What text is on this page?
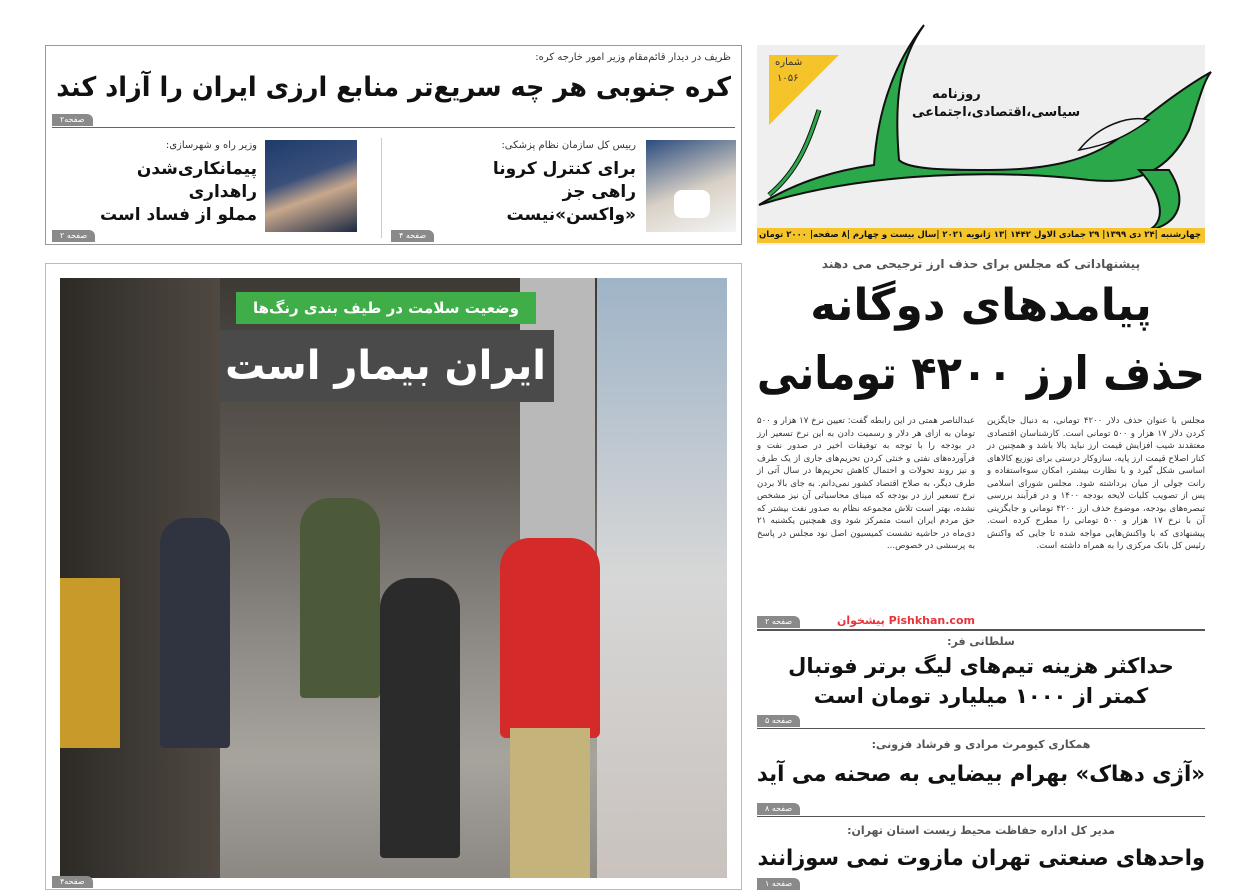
ظریف در دیدار قائم‌مقام وزیر امور خارجه کره:
کره جنوبی هر چه سریع‌تر منابع ارزی ایران را آزاد کند
صفحه۲
رییس کل سازمان نظام پزشکی:
برای کنترل کرونا
راهی جز
«واکسن»نیست
صفحه ۴
وزیر راه و شهرسازی:
پیمانکاری‌شدن
راهداری
مملو از فساد است
صفحه ۲
شماره
۱۰۵۶
روزنامه
سیاسی،اقتصادی،اجتماعی
چهارشنبه |۲۴ دی ۱۳۹۹| ۲۹ جمادی الاول ۱۴۴۲ |۱۳ ژانویه ۲۰۲۱ |سال بیست و چهارم |۸ صفحه| ۲۰۰۰ تومان
پیشنهاداتی که مجلس برای حذف ارز ترجیحی می دهند
پیامدهای دوگانه
حذف ارز ۴۲۰۰ تومانی

مجلس با عنوان حذف دلار ۴۲۰۰ تومانی، به دنبال جایگزین کردن دلار ۱۷ هزار و ۵۰۰ تومانی است. کارشناسان اقتصادی معتقدند شیب افزایش قیمت ارز نباید بالا باشد و همچنین در کنار اصلاح قیمت ارز پایه، سازوکار درستی برای توزیع کالاهای اساسی شکل گیرد و با نظارت بیشتر، امکان سوءاستفاده و رانت جولی از میان برداشته شود. مجلس شورای اسلامی پس از تصویب کلیات لایحه بودجه ۱۴۰۰ و در فرآیند بررسی تبصره‌های بودجه، موضوع حذف ارز ۴۲۰۰ تومانی و جایگزینی آن با نرخ ۱۷ هزار و ۵۰۰ تومانی را مطرح کرده است. پیشنهادی که با واکنش‌هایی مواجه شده تا جایی که واکنش رئیس کل بانک مرکزی را به همراه داشته است.

عبدالناصر همتی در این رابطه گفت: تعیین نرخ ۱۷ هزار و ۵۰۰ تومان به ازای هر دلار و رسمیت دادن به این نرخ تسعیر ارز در بودجه را با توجه به توفیقات اخیر در صدور نفت و فرآورده‌های نفتی و خنثی کردن تحریم‌های جاری از یک طرف و نیز روند تحولات و احتمال کاهش تحریم‌ها در سال آتی از طرف دیگر، به صلاح اقتصاد کشور نمی‌دانم. به جای بالا بردن نرخ تسعیر ارز در بودجه که مبنای محاسباتی آن نیز مشخص نشده، بهتر است تلاش مجموعه نظام به صدور نفت بیشتر که حق مردم ایران است متمرکز شود وی همچنین یکشنبه ۲۱ دی‌ماه در حاشیه نشست کمیسیون اصل نود مجلس در پاسخ به پرسشی در خصوص...

صفحه ۲	پیشخوان Pishkhan.com
سلطانی فر:
حداکثر هزینه تیم‌های لیگ برتر فوتبال
کمتر از ۱۰۰۰ میلیارد تومان است
صفحه ۵
همکاری کیومرث مرادی و فرشاد فزونی:
«آژی دهاک» بهرام بیضایی به صحنه می آید
صفحه ۸
مدیر کل اداره حفاظت محیط زیست استان تهران:
واحدهای صنعتی تهران مازوت نمی سوزانند
صفحه ۱
وضعیت سلامت در طیف بندی رنگ‌ها
ایران بیمار است
صفحه۴
